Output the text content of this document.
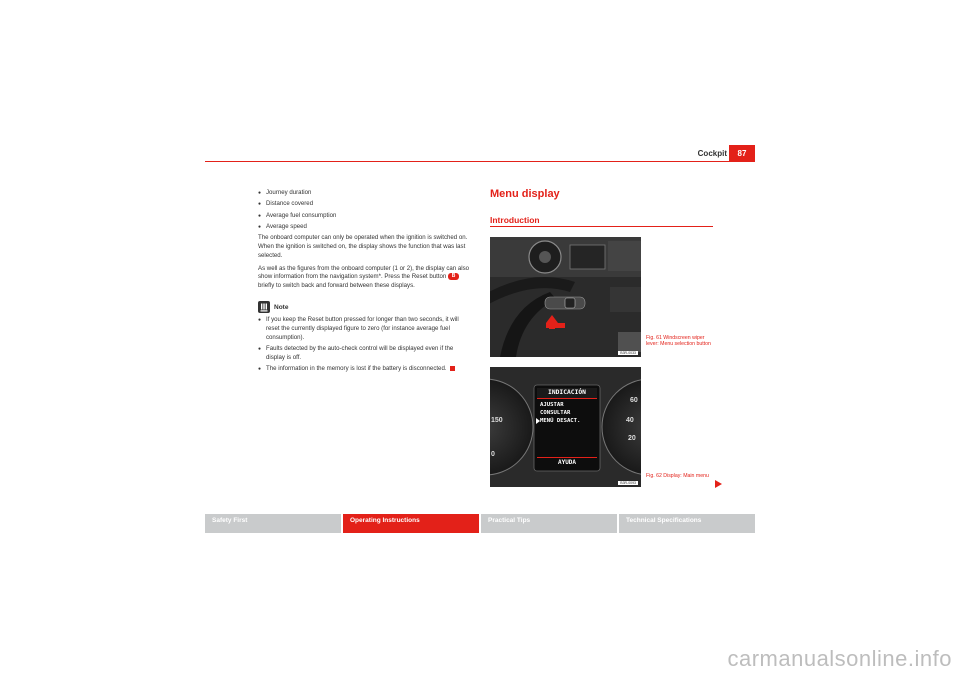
Cockpit	87
● Journey duration
● Distance covered
● Average fuel consumption
● Average speed

The onboard computer can only be operated when the ignition is switched on. When the ignition is switched on, the display shows the function that was last selected.

As well as the figures from the onboard computer (1 or 2), the display can also show information from the navigation system*. Press the Reset button B briefly to switch back and forward between these displays.

Note
● If you keep the Reset button pressed for longer than two seconds, it will reset the currently displayed figure to zero (for instance average fuel consumption).
● Faults detected by the auto-check control will be displayed even if the display is off.
● The information in the memory is lost if the battery is disconnected.
Menu display
Introduction
B3R-0033
Fig. 61 Windscreen wiper lever: Menu selection button
INDICACIÓN
AJUSTAR
CONSULTAR
MENÚ DESACT.
AYUDA
150
60
40
20
0
B3R-0093
Fig. 62 Display: Main menu
Safety First	Operating Instructions	Practical Tips	Technical Specifications
carmanualsonline.info
